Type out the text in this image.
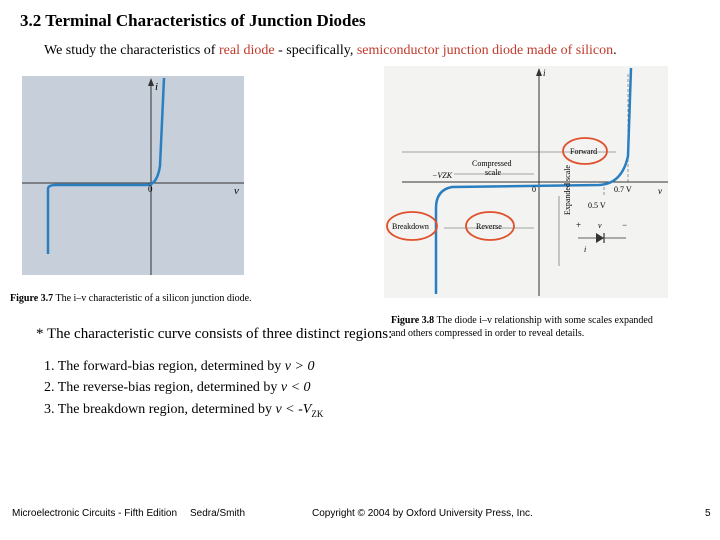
3.2 Terminal Characteristics of Junction Diodes
We study the characteristics of real diode - specifically, semiconductor junction diode made of silicon.
i
v
0
Figure 3.7 The i–v characteristic of a silicon junction diode.
i
v
0	0.7 V
0.5 V
−VZK
Compressed
scale	Expanded scale
Forward
Breakdown	Reverse	+	−
v
i
Figure 3.8 The diode i–v relationship with some scales expanded and others compressed in order to reveal details.
* The characteristic curve consists of three distinct regions:
1. The forward-bias region, determined by v > 0
2. The reverse-bias region, determined by v < 0
3. The breakdown region, determined by $v < -V_{ZK}$
Microelectronic Circuits - Fifth Edition Sedra/Smith	Copyright © 2004 by Oxford University Press, Inc.	5
